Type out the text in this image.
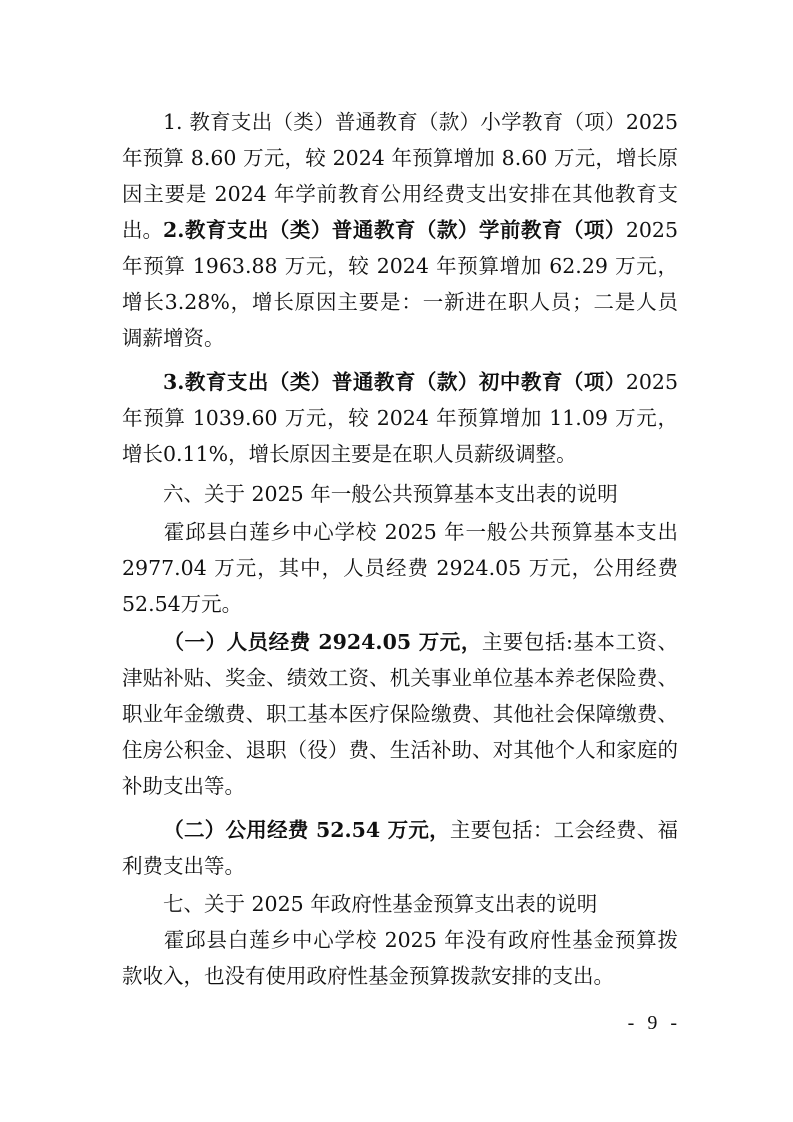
1. 教育支出（类）普通教育（款）小学教育（项）2025年预算 8.60 万元，较 2024 年预算增加 8.60 万元，增长原因主要是 2024 年学前教育公用经费支出安排在其他教育支出。 2.教育支出（类）普通教育（款）学前教育（项）2025年预算 1963.88 万元，较 2024 年预算增加 62.29 万元，增长3.28%，增长原因主要是：一新进在职人员；二是人员调薪增资。

3.教育支出（类）普通教育（款）初中教育（项）2025年预算 1039.60 万元，较 2024 年预算增加 11.09 万元，增长0.11%，增长原因主要是在职人员薪级调整。

六、关于 2025 年一般公共预算基本支出表的说明

霍邱县白莲乡中心学校 2025 年一般公共预算基本支出2977.04 万元，其中，人员经费 2924.05 万元，公用经费 52.54万元。

（一）人员经费 2924.05 万元，主要包括:基本工资、津贴补贴、奖金、绩效工资、机关事业单位基本养老保险费、职业年金缴费、职工基本医疗保险缴费、其他社会保障缴费、住房公积金、退职（役）费、生活补助、对其他个人和家庭的补助支出等。

（二）公用经费 52.54 万元，主要包括：工会经费、福利费支出等。

七、关于 2025 年政府性基金预算支出表的说明

霍邱县白莲乡中心学校 2025 年没有政府性基金预算拨款收入，也没有使用政府性基金预算拨款安排的支出。

- 9 -
